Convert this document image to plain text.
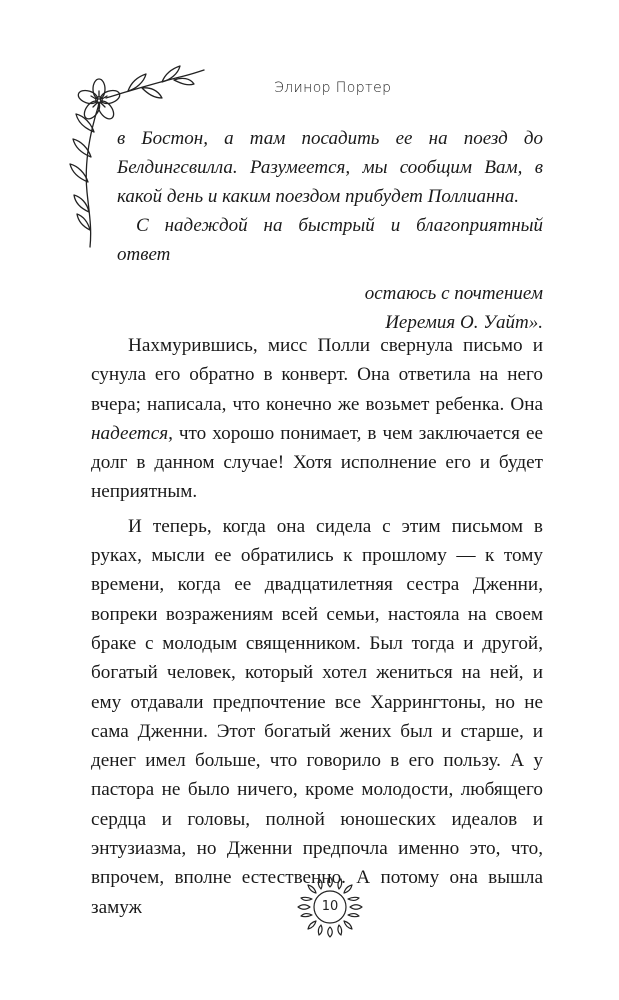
Элинор Портер

в Бостон, а там посадить ее на поезд до Белдингсвилла. Разумеется, мы сообщим Вам, в какой день и каким поездом прибудет Поллианна.

С надеждой на быстрый и благоприятный ответ

остаюсь с почтением

Иеремия О. Уайт».

Нахмурившись, мисс Полли свернула письмо и сунула его обратно в конверт. Она ответила на него вчера; написала, что конечно же возьмет ребенка. Она надеется, что хорошо понимает, в чем заключается ее долг в данном случае! Хотя исполнение его и будет неприятным.

И теперь, когда она сидела с этим письмом в руках, мысли ее обратились к прошлому — к тому времени, когда ее двадцатилетняя сестра Дженни, вопреки возражениям всей семьи, настояла на своем браке с молодым священником. Был тогда и другой, богатый человек, который хотел жениться на ней, и ему отдавали предпочтение все Харрингтоны, но не сама Дженни. Этот богатый жених был и старше, и денег имел больше, что говорило в его пользу. А у пастора не было ничего, кроме молодости, любящего сердца и головы, полной юношеских идеалов и энтузиазма, но Дженни предпочла именно это, что, впрочем, вполне естественно. А потому она вышла замуж	10
